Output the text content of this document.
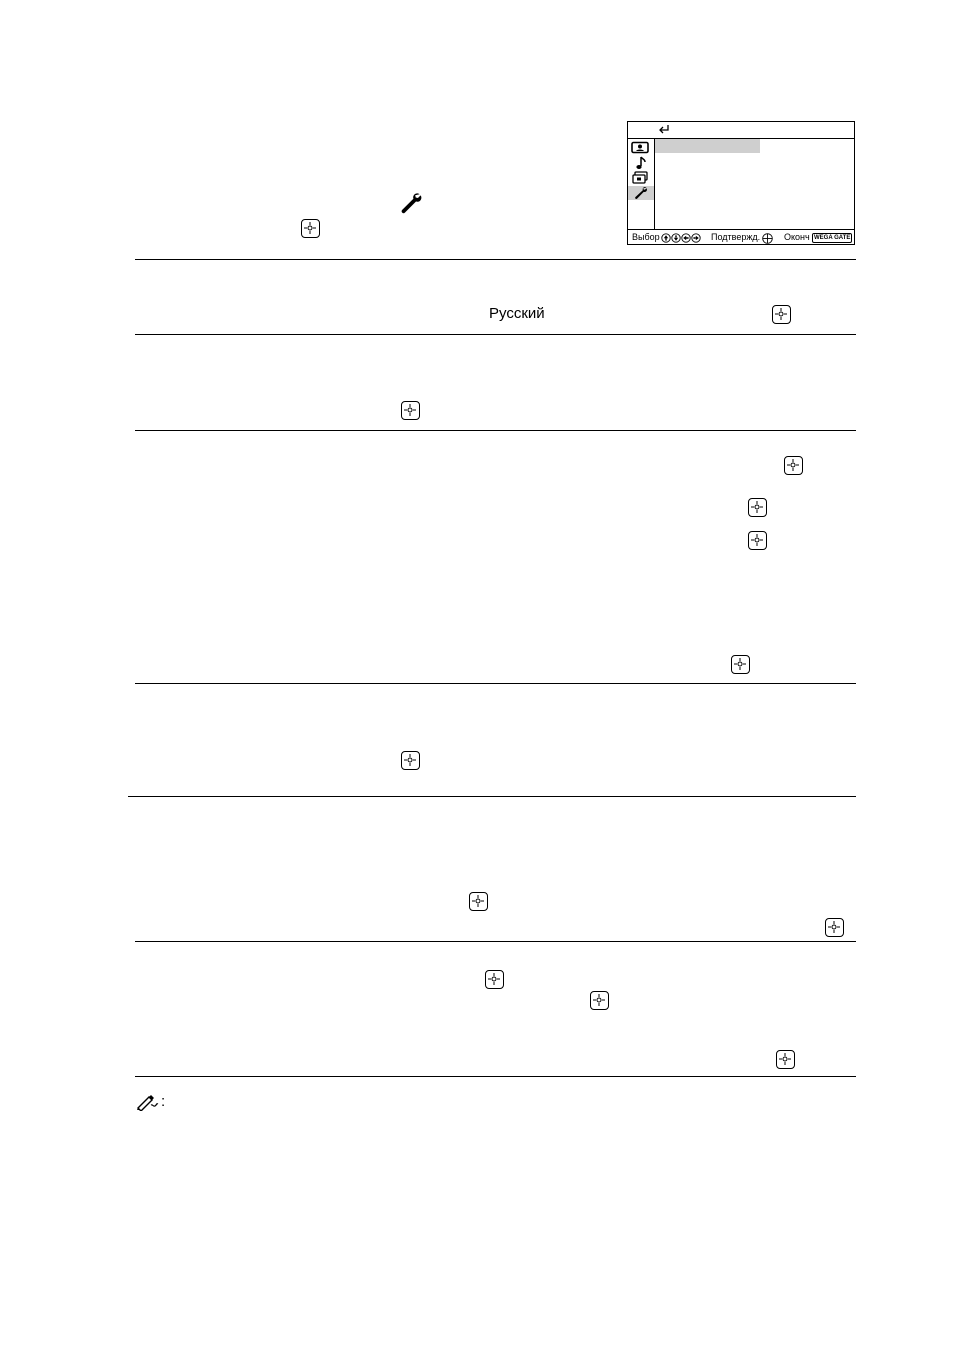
Выбор	Подтвержд.	Оконч WEGA GATE
Русский
:
